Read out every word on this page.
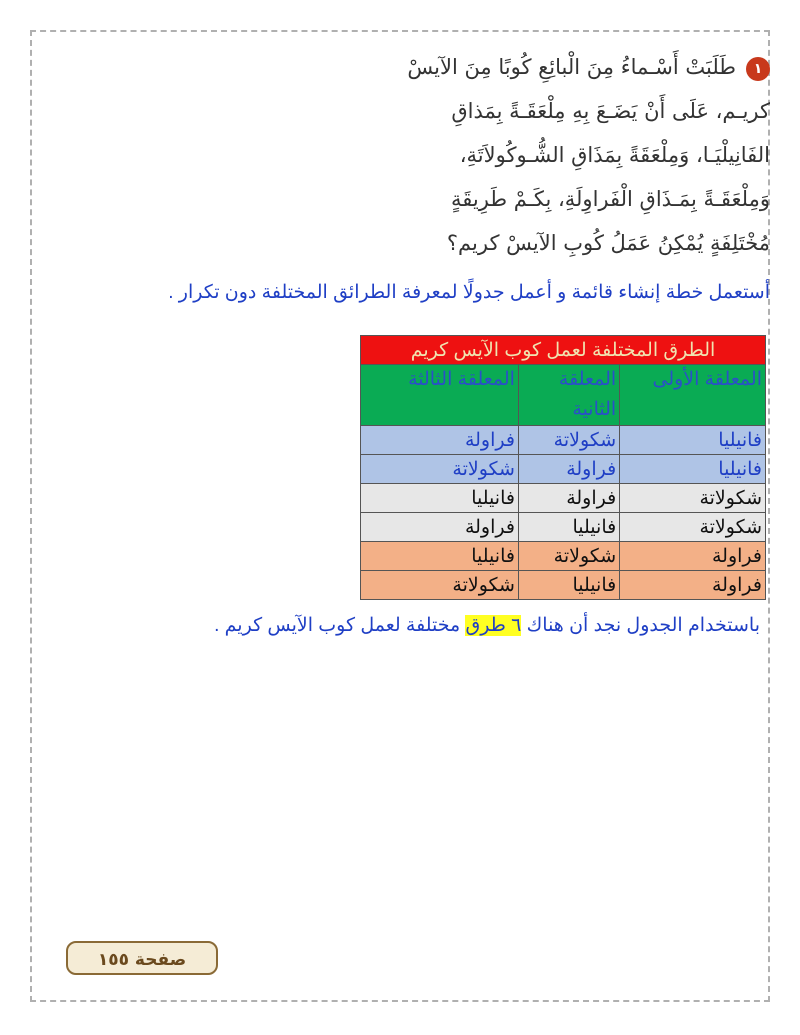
١طَلَبَتْ أَسْـماءُ مِنَ الْبائِعِ كُوبًا مِنَ الآيسْ
كريـم، عَلَى أَنْ يَضَـعَ بِهِ مِلْعَقَـةً بِمَذاقِ
الفَانِيلْيَـا، وَمِلْعَقَةً بِمَذَاقِ الشُّـوكُولاَتَةِ،
وَمِلْعَقَـةً بِمَـذَاقِ الْفَراوِلَةِ، بِكَـمْ طَرِيقَةٍ
مُخْتَلِفَةٍ يُمْكِنُ عَمَلُ كُوبِ الآيسْ كريم؟
أستعمل خطة إنشاء قائمة و أعمل جدولًا لمعرفة الطرائق المختلفة دون تكرار .
الطرق المختلفة لعمل كوب الآيس كريم		
المعلقة الأولى	المعلقة الثانية	المعلقة الثالثة
فانيليا	شكولاتة	فراولة
فانيليا	فراولة	شكولاتة
شكولاتة	فراولة	فانيليا
شكولاتة	فانيليا	فراولة
فراولة	شكولاتة	فانيليا
فراولة	فانيليا	شكولاتة
باستخدام الجدول نجد أن هناك ٦ طرق مختلفة لعمل كوب الآيس كريم .
صفحة ١٥٥
